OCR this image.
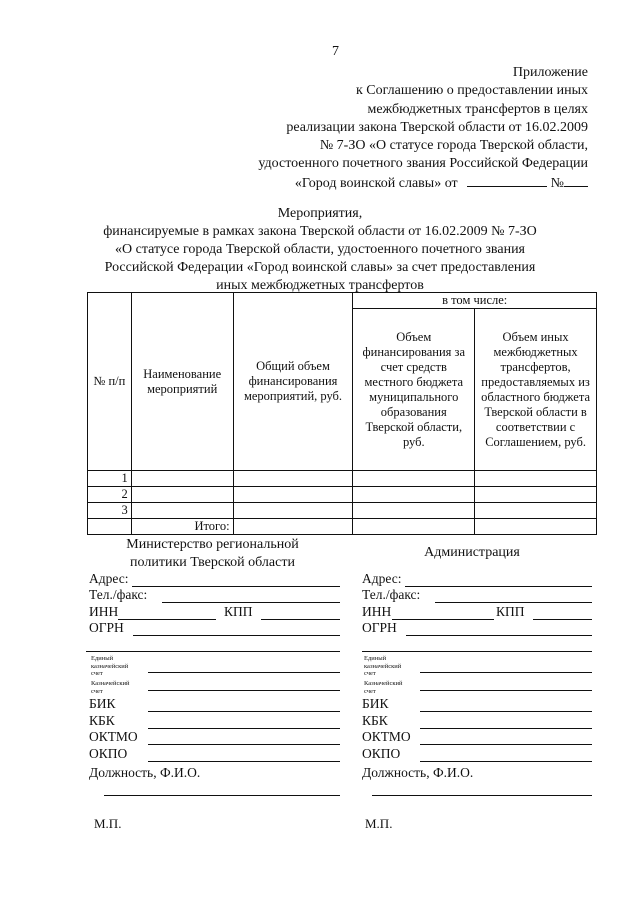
7
Приложение
к Соглашению о предоставлении иных
межбюджетных трансфертов в целях
реализации закона Тверской области от 16.02.2009
№ 7-ЗО «О статусе города Тверской области,
удостоенного почетного звания Российской Федерации
«Город воинской славы» от	№
Мероприятия,
финансируемые в рамках закона Тверской области от 16.02.2009 № 7-ЗО
«О статусе города Тверской области, удостоенного почетного звания
Российской Федерации «Город воинской славы» за счет предоставления
иных межбюджетных трансфертов
№ п/п	Наименование мероприятий	Общий объем финансирования мероприятий, руб.	в том числе:	
			Объем финансирования за счет средств местного бюджета муниципального образования Тверской области, руб.	Объем иных межбюджетных трансфертов, предоставляемых из областного бюджета Тверской области в соответствии с Соглашением, руб.
1				
2				
3				
	Итого:			
Министерство региональной
политики Тверской области
Адрес:
Тел./факс:
ИНН	КПП
ОГРН
Единый
казначейский
счет
Казначейский
счет
БИК
КБК
ОКТМО
ОКПО
Должность, Ф.И.О.
М.П.
Администрация
Адрес:
Тел./факс:
ИНН	КПП
ОГРН
Единый
казначейский
счет
Казначейский
счет
БИК
КБК
ОКТМО
ОКПО
Должность, Ф.И.О.
М.П.
